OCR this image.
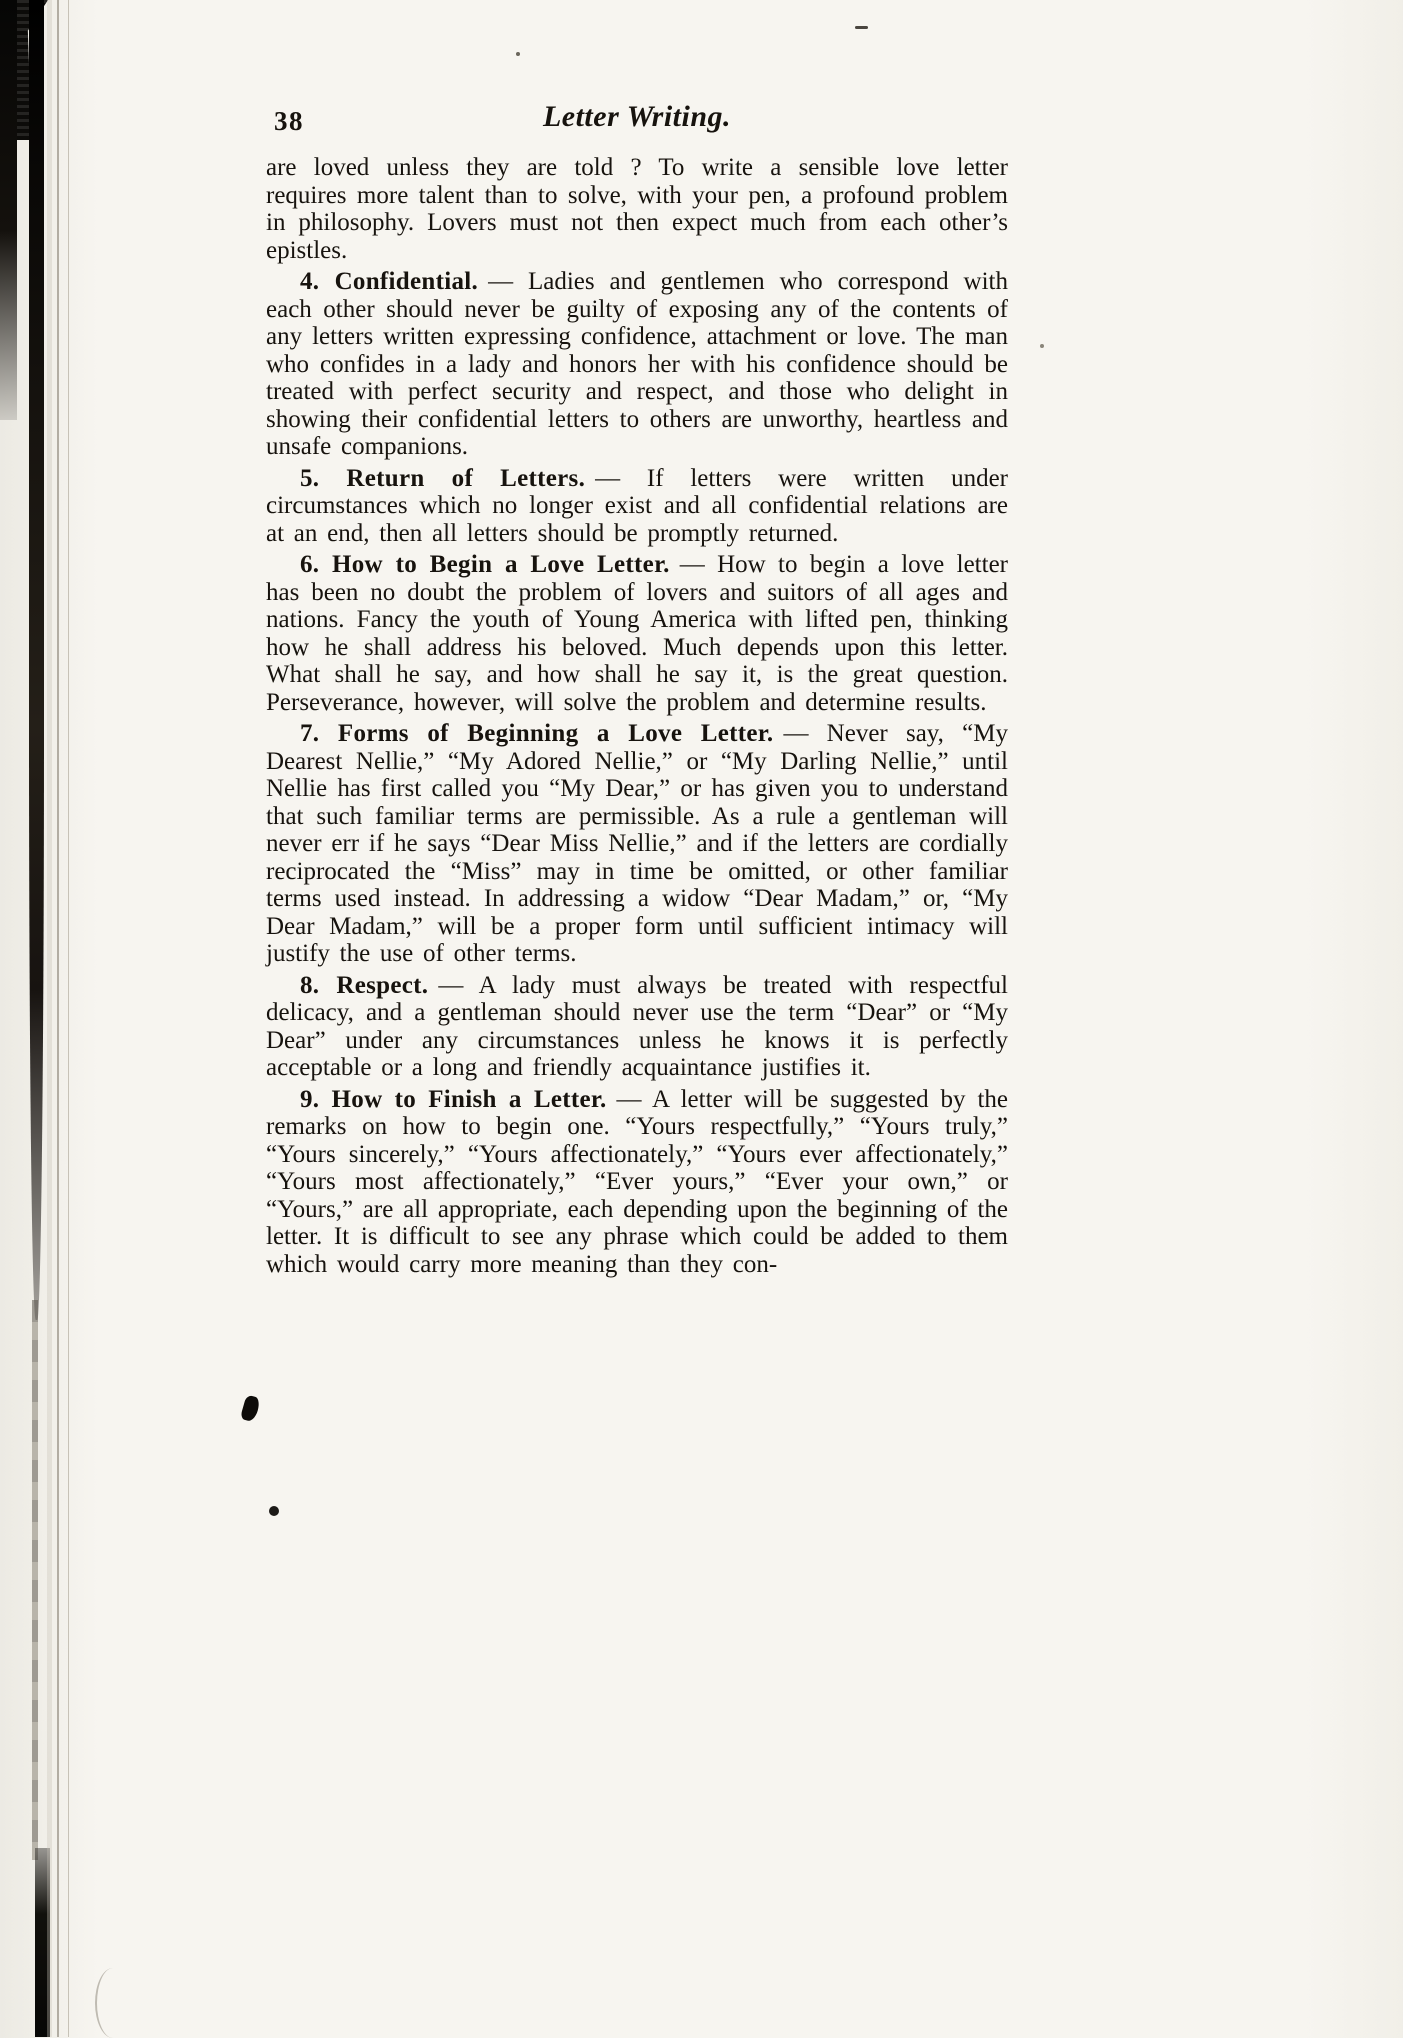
38	Letter Writing.

are loved unless they are told ? To write a sensible love letter requires more talent than to solve, with your pen, a profound problem in philosophy. Lovers must not then expect much from each other’s epistles.

4. Confidential. — Ladies and gentlemen who correspond with each other should never be guilty of exposing any of the contents of any letters written expressing confidence, attachment or love. The man who confides in a lady and honors her with his confidence should be treated with perfect security and respect, and those who delight in showing their confidential letters to others are unworthy, heartless and unsafe companions.

5. Return of Letters. — If letters were written under circumstances which no longer exist and all confidential relations are at an end, then all letters should be promptly returned.

6. How to Begin a Love Letter. — How to begin a love letter has been no doubt the problem of lovers and suitors of all ages and nations. Fancy the youth of Young America with lifted pen, thinking how he shall address his beloved. Much depends upon this letter. What shall he say, and how shall he say it, is the great question. Perseverance, however, will solve the problem and determine results.

7. Forms of Beginning a Love Letter. — Never say, “My Dearest Nellie,” “My Adored Nellie,” or “My Darling Nellie,” until Nellie has first called you “My Dear,” or has given you to understand that such familiar terms are permissible. As a rule a gentleman will never err if he says “Dear Miss Nellie,” and if the letters are cordially reciprocated the “Miss” may in time be omitted, or other familiar terms used instead. In addressing a widow “Dear Madam,” or, “My Dear Madam,” will be a proper form until sufficient intimacy will justify the use of other terms.

8. Respect. — A lady must always be treated with respectful delicacy, and a gentleman should never use the term “Dear” or “My Dear” under any circumstances unless he knows it is perfectly acceptable or a long and friendly acquaintance justifies it.

9. How to Finish a Letter. — A letter will be suggested by the remarks on how to begin one. “Yours respectfully,” “Yours truly,” “Yours sincerely,” “Yours affectionately,” “Yours ever affectionately,” “Yours most affectionately,” “Ever yours,” “Ever your own,” or “Yours,” are all appropriate, each depending upon the beginning of the letter. It is difficult to see any phrase which could be added to them which would carry more meaning than they con-
